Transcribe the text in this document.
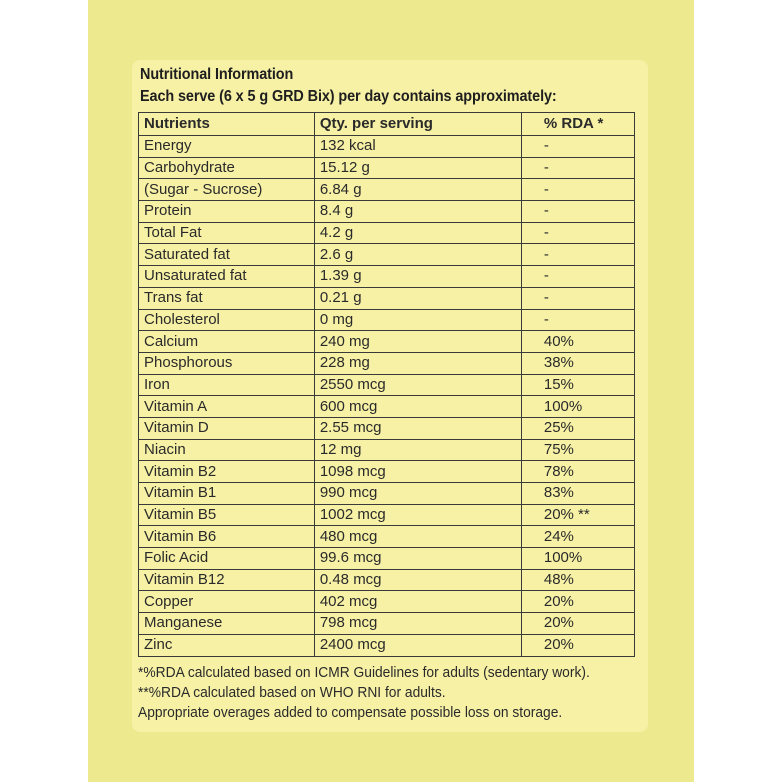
Nutritional Information
Each serve (6 x 5 g GRD Bix) per day contains approximately:
Nutrients	Qty. per serving	% RDA *
Energy	132 kcal	-
Carbohydrate	15.12 g	-
(Sugar - Sucrose)	6.84 g	-
Protein	8.4 g	-
Total Fat	4.2 g	-
Saturated fat	2.6 g	-
Unsaturated fat	1.39 g	-
Trans fat	0.21 g	-
Cholesterol	0 mg	-
Calcium	240 mg	40%
Phosphorous	228 mg	38%
Iron	2550 mcg	15%
Vitamin A	600 mcg	100%
Vitamin D	2.55 mcg	25%
Niacin	12 mg	75%
Vitamin B2	1098 mcg	78%
Vitamin B1	990 mcg	83%
Vitamin B5	1002 mcg	20% **
Vitamin B6	480 mcg	24%
Folic Acid	99.6 mcg	100%
Vitamin B12	0.48 mcg	48%
Copper	402 mcg	20%
Manganese	798 mcg	20%
Zinc	2400 mcg	20%
*%RDA calculated based on ICMR Guidelines for adults (sedentary work).
**%RDA calculated based on WHO RNI for adults.
Appropriate overages added to compensate possible loss on storage.
